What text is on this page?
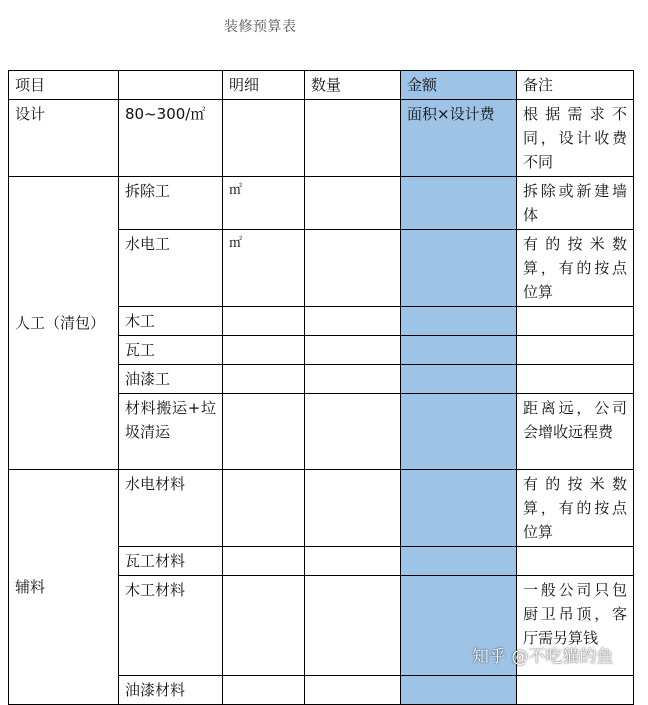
装修预算表
项目		明细	数量	金额	备注
设计	80~300/㎡			面积×设计费	根据需求不同，设计收费不同
人工（清包）	拆除工	㎡			拆除或新建墙体
	水电工	㎡			有的按米数算，有的按点位算
	木工				
	瓦工				
	油漆工				
	材料搬运+垃圾清运				距离远，公司会增收远程费
辅料	水电材料				有的按米数算，有的按点位算
	瓦工材料				
	木工材料				一般公司只包厨卫吊顶，客厅需另算钱
	油漆材料				
知乎 @不吃猫的鱼
